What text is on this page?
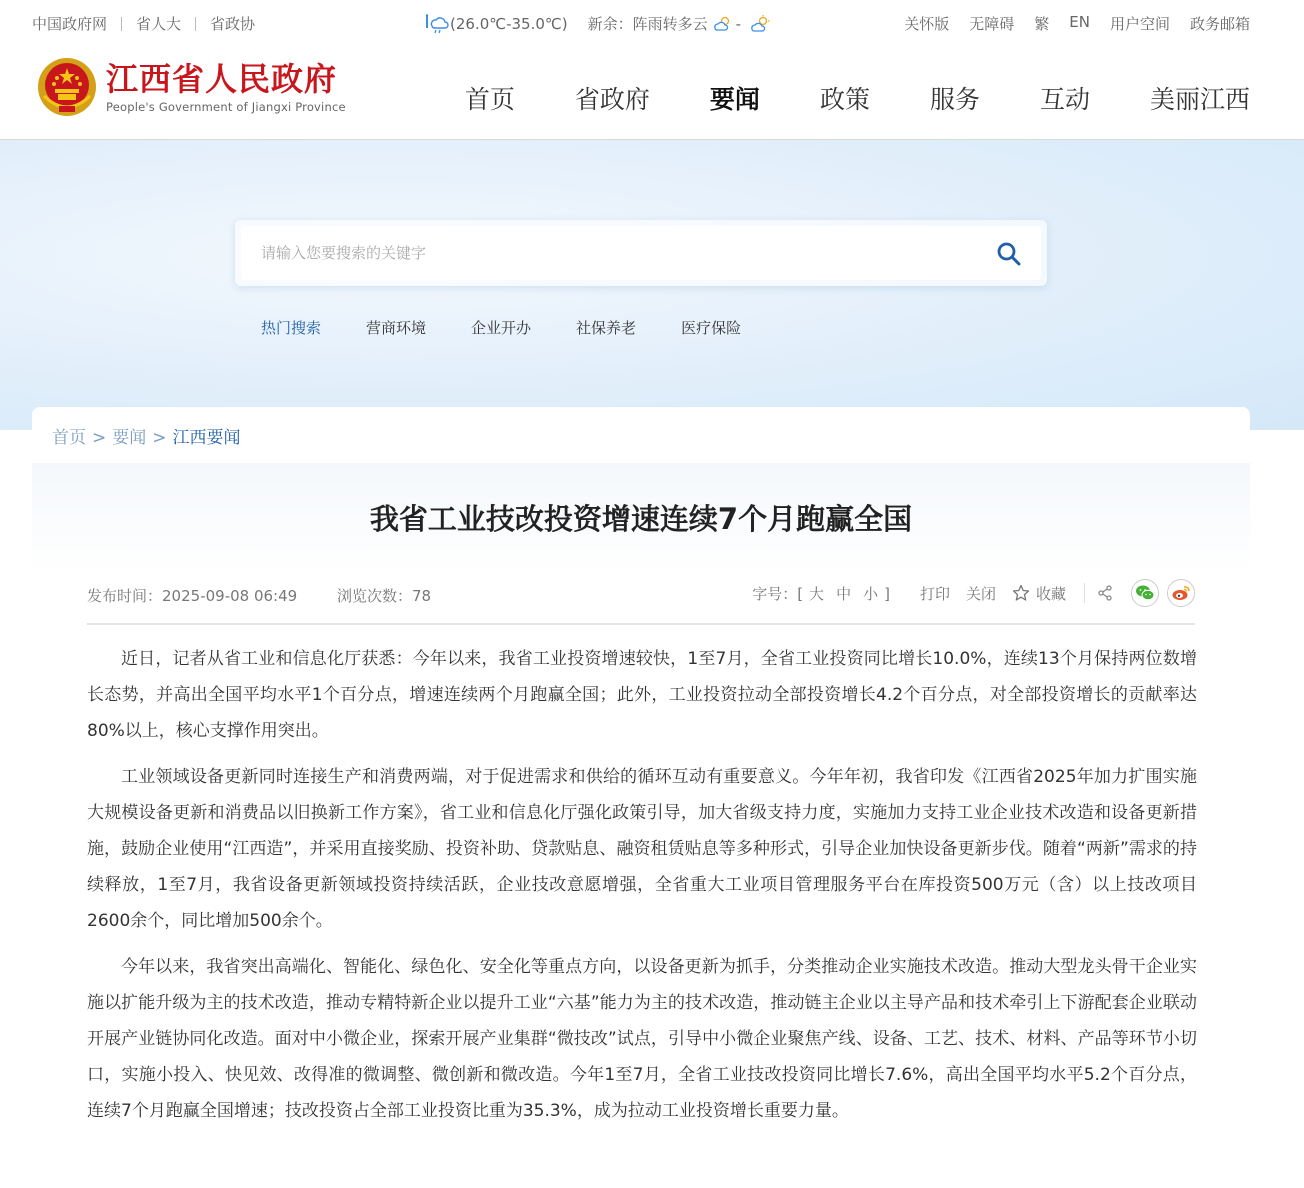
中国政府网 省人大 省政协	(26.0℃-35.0℃) 新余：阵雨转多云 -	关怀版 无障碍 繁 EN 用户空间 政务邮箱
江西省人民政府
People's Government of Jiangxi Province	首页 省政府 要闻 政策 服务 互动 美丽江西
请输入您要搜索的关键字
热门搜索	营商环境	企业开办	社保养老	医疗保险
首页 > 要闻 > 江西要闻
我省工业技改投资增速连续7个月跑赢全国
发布时间：2025-09-08 06:49	浏览次数：78	字号：[ 大 中 小 ] 打印 关闭	收藏

近日，记者从省工业和信息化厅获悉：今年以来，我省工业投资增速较快，1至7月，全省工业投资同比增长10.0%，连续13个月保持两位数增长态势，并高出全国平均水平1个百分点，增速连续两个月跑赢全国；此外，工业投资拉动全部投资增长4.2个百分点，对全部投资增长的贡献率达80%以上，核心支撑作用突出。

工业领域设备更新同时连接生产和消费两端，对于促进需求和供给的循环互动有重要意义。今年年初，我省印发《江西省2025年加力扩围实施大规模设备更新和消费品以旧换新工作方案》，省工业和信息化厅强化政策引导，加大省级支持力度，实施加力支持工业企业技术改造和设备更新措施，鼓励企业使用“江西造”，并采用直接奖励、投资补助、贷款贴息、融资租赁贴息等多种形式，引导企业加快设备更新步伐。随着“两新”需求的持续释放，1至7月，我省设备更新领域投资持续活跃，企业技改意愿增强，全省重大工业项目管理服务平台在库投资500万元（含）以上技改项目2600余个，同比增加500余个。

今年以来，我省突出高端化、智能化、绿色化、安全化等重点方向，以设备更新为抓手，分类推动企业实施技术改造。推动大型龙头骨干企业实施以扩能升级为主的技术改造，推动专精特新企业以提升工业“六基”能力为主的技术改造，推动链主企业以主导产品和技术牵引上下游配套企业联动开展产业链协同化改造。面对中小微企业，探索开展产业集群“微技改”试点，引导中小微企业聚焦产线、设备、工艺、技术、材料、产品等环节小切口，实施小投入、快见效、改得准的微调整、微创新和微改造。今年1至7月，全省工业技改投资同比增长7.6%，高出全国平均水平5.2个百分点，连续7个月跑赢全国增速；技改投资占全部工业投资比重为35.3%，成为拉动工业投资增长重要力量。
